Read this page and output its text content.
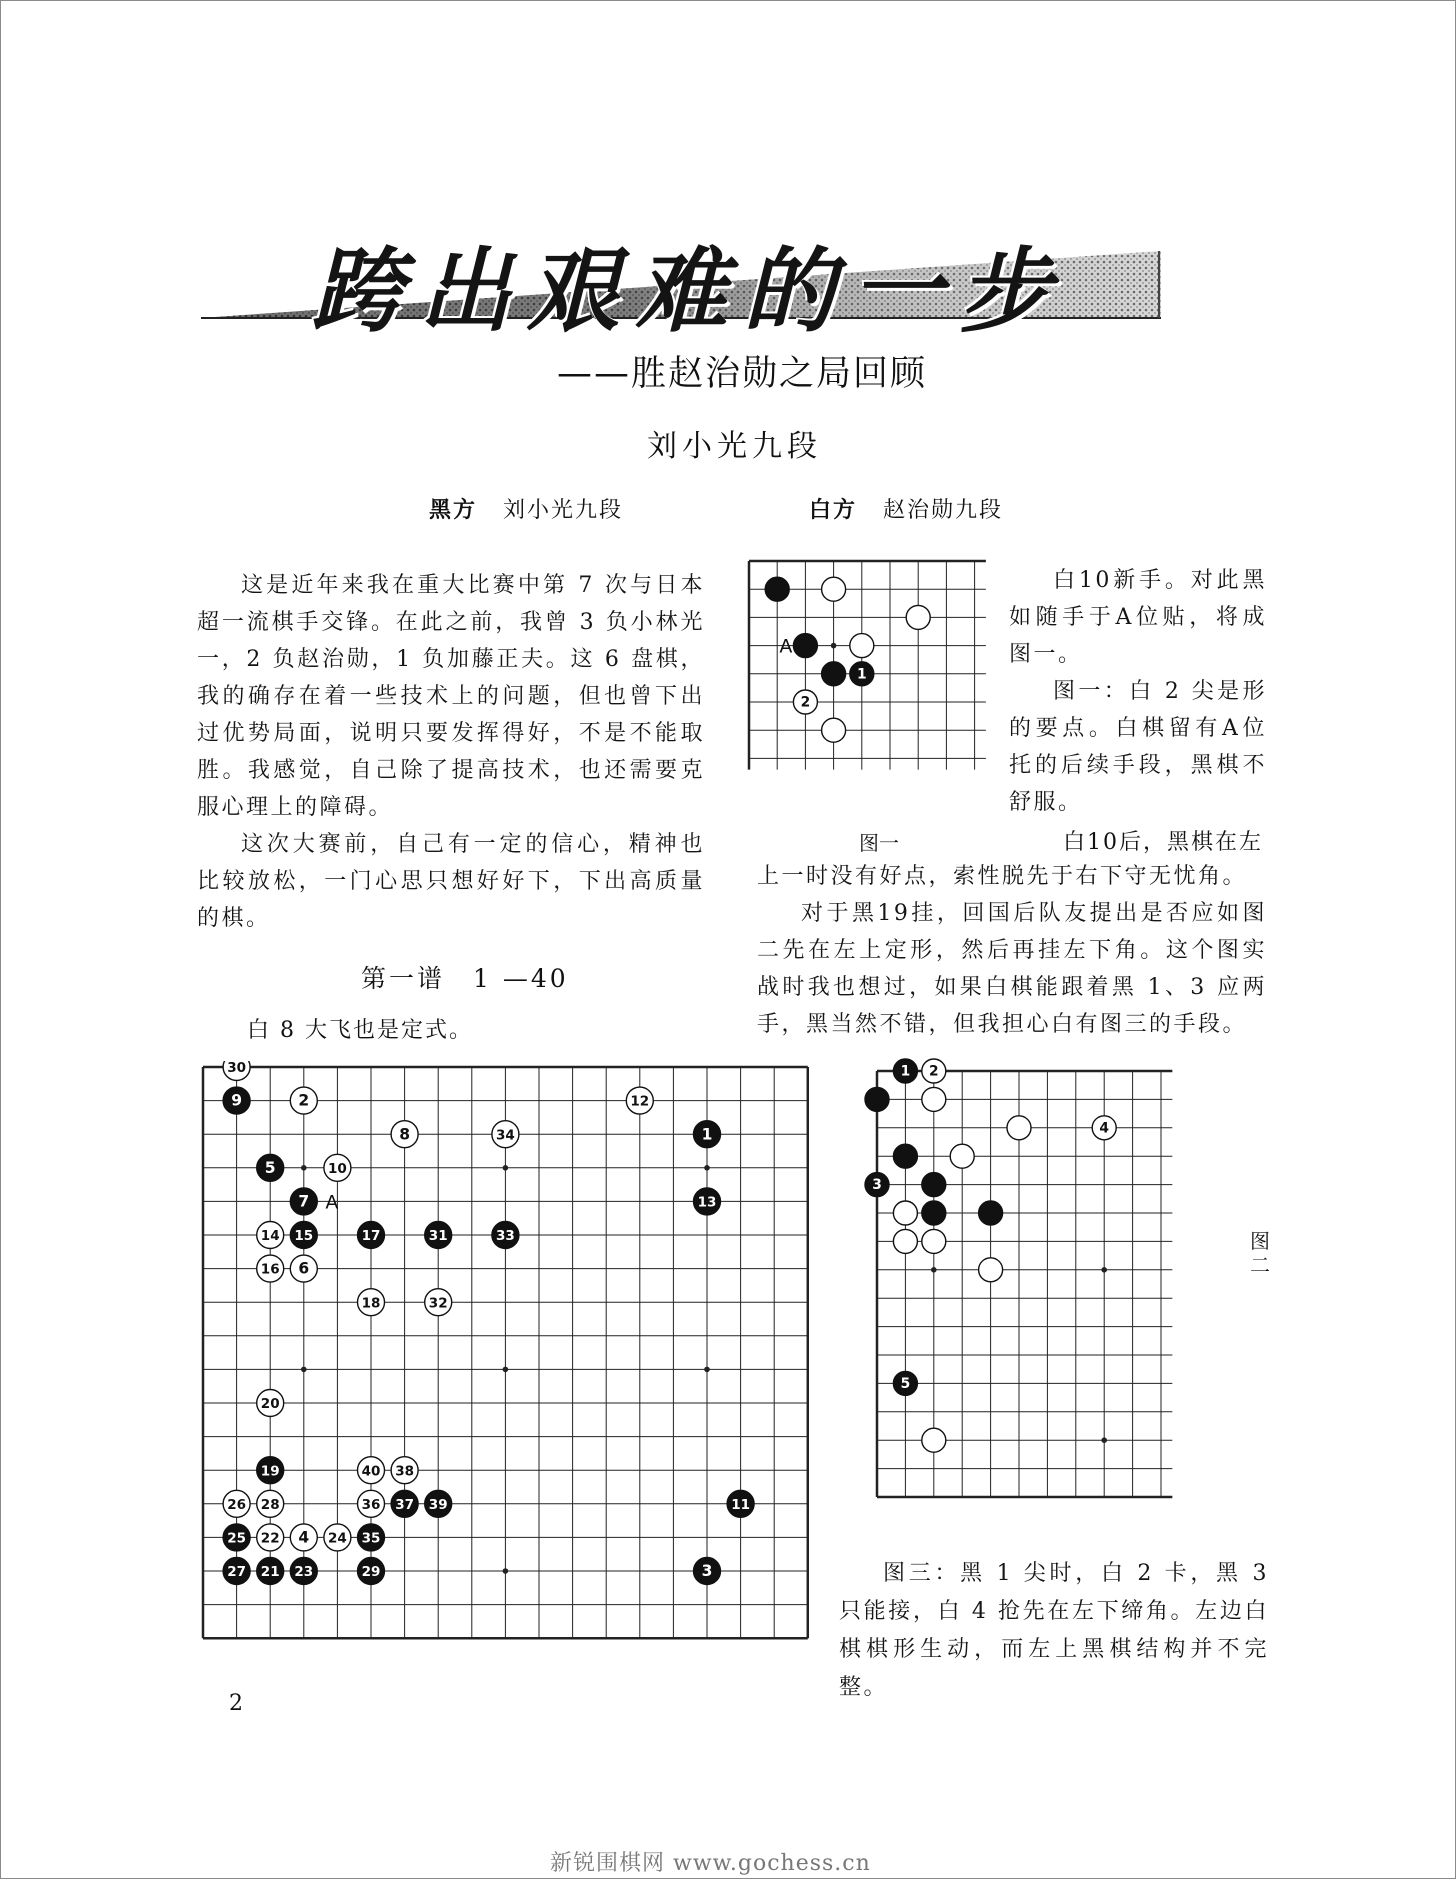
跨出艰难的一步
——胜赵治勋之局回顾
刘小光九段
黑方 刘小光九段	白方 赵治勋九段

这是近年来我在重大比赛中第 7 次与日本超一流棋手交锋。在此之前，我曾 3 负小林光一，2 负赵治勋，1 负加藤正夫。这 6 盘棋，我的确存在着一些技术上的问题，但也曾下出过优势局面，说明只要发挥得好，不是不能取胜。我感觉，自己除了提高技术，也还需要克服心理上的障碍。

这次大赛前，自己有一定的信心，精神也比较放松，一门心思只想好好下，下出高质量的棋。

第一谱　1 —40
白 8 大飞也是定式。
1
2
A
图一

白10新手。对此黑如随手于A位贴，将成图一。

图一：白 2 尖是形的要点。白棋留有A位托的后续手段，黑棋不舒服。

白10后，黑棋在左

上一时没有好点，索性脱先于右下守无忧角。

对于黑19挂，回国后队友提出是否应如图二先在左上定形，然后再挂左下角。这个图实战时我也想过，如果白棋能跟着黑 1、3 应两手，黑当然不错，但我担心白有图三的手段。

30
9	2	12
8	34	1
5	10
7	13
14 15	17	31	33
16 6
18	32
20
19	40 38
26 28	36 37 39	11
25 22 4 24 35
27 21 23	29	3
A
1 2
4
3
5
图二

图三：黑 1 尖时，白 2 卡，黑 3 只能接，白 4 抢先在左下缔角。左边白棋棋形生动，而左上黑棋结构并不完整。

2
新锐围棋网 www.gochess.cn
